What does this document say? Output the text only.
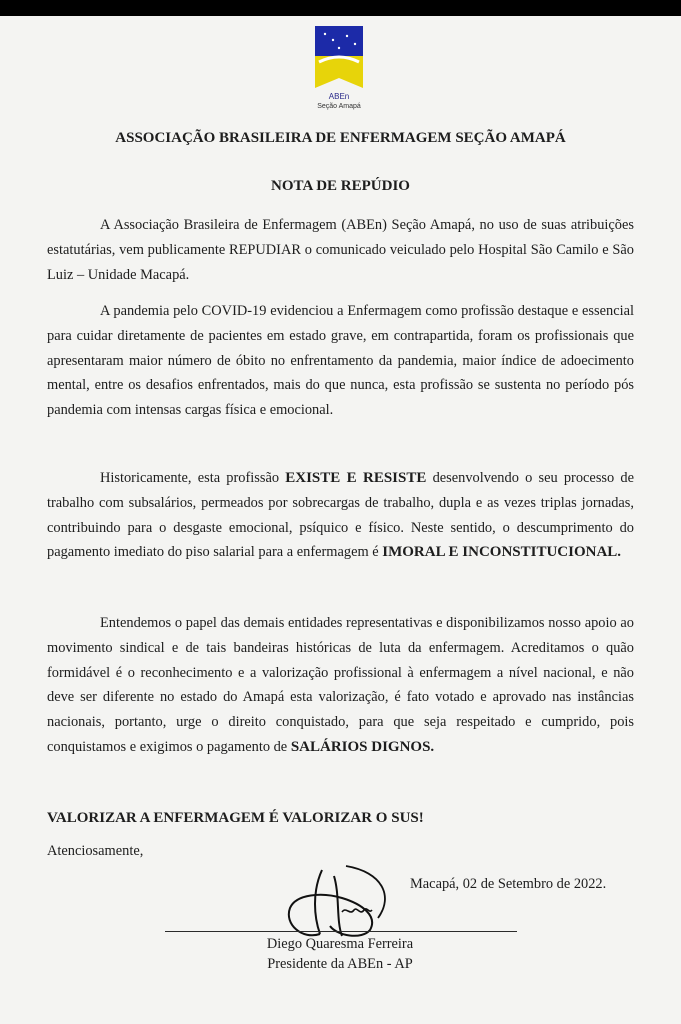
ABEn
Seção Amapá
ASSOCIAÇÃO BRASILEIRA DE ENFERMAGEM SEÇÃO AMAPÁ
NOTA DE REPÚDIO
A Associação Brasileira de Enfermagem (ABEn) Seção Amapá, no uso de suas atribuições estatutárias, vem publicamente REPUDIAR o comunicado veiculado pelo Hospital São Camilo e São Luiz – Unidade Macapá.
A pandemia pelo COVID-19 evidenciou a Enfermagem como profissão destaque e essencial para cuidar diretamente de pacientes em estado grave, em contrapartida, foram os profissionais que apresentaram maior número de óbito no enfrentamento da pandemia, maior índice de adoecimento mental, entre os desafios enfrentados, mais do que nunca, esta profissão se sustenta no período pós pandemia com intensas cargas física e emocional.
Historicamente, esta profissão EXISTE E RESISTE desenvolvendo o seu processo de trabalho com subsalários, permeados por sobrecargas de trabalho, dupla e as vezes triplas jornadas, contribuindo para o desgaste emocional, psíquico e físico. Neste sentido, o descumprimento do pagamento imediato do piso salarial para a enfermagem é IMORAL E INCONSTITUCIONAL.
Entendemos o papel das demais entidades representativas e disponibilizamos nosso apoio ao movimento sindical e de tais bandeiras históricas de luta da enfermagem. Acreditamos o quão formidável é o reconhecimento e a valorização profissional à enfermagem a nível nacional, e não deve ser diferente no estado do Amapá esta valorização, é fato votado e aprovado nas instâncias nacionais, portanto, urge o direito conquistado, para que seja respeitado e cumprido, pois conquistamos e exigimos o pagamento de SALÁRIOS DIGNOS.
VALORIZAR A ENFERMAGEM É VALORIZAR O SUS!
Atenciosamente,
Macapá, 02 de Setembro de 2022.
Diego Quaresma Ferreira
Presidente da ABEn - AP
